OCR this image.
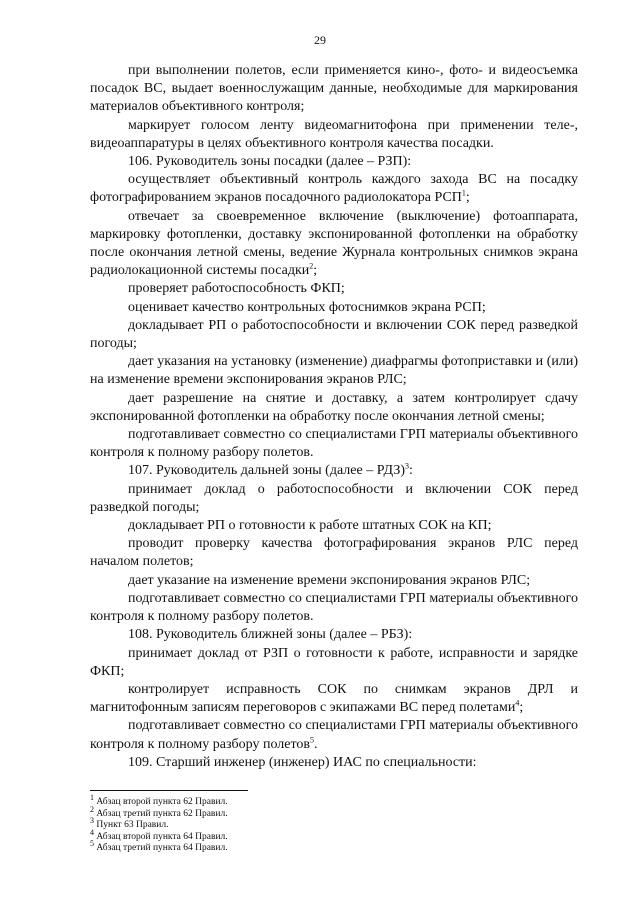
29

при выполнении полетов, если применяется кино-, фото- и видеосъемка посадок ВС, выдает военнослужащим данные, необходимые для маркирования материалов объективного контроля;

маркирует голосом ленту видеомагнитофона при применении теле-, видеоаппаратуры в целях объективного контроля качества посадки.

106. Руководитель зоны посадки (далее – РЗП):

осуществляет объективный контроль каждого захода ВС на посадку фотографированием экранов посадочного радиолокатора РСП$^1$;

отвечает за своевременное включение (выключение) фотоаппарата, маркировку фотопленки, доставку экспонированной фотопленки на обработку после окончания летной смены, ведение Журнала контрольных снимков экрана радиолокационной системы посадки$^2$;

проверяет работоспособность ФКП;

оценивает качество контрольных фотоснимков экрана РСП;

докладывает РП о работоспособности и включении СОК перед разведкой погоды;

дает указания на установку (изменение) диафрагмы фотоприставки и (или) на изменение времени экспонирования экранов РЛС;

дает разрешение на снятие и доставку, а затем контролирует сдачу экспонированной фотопленки на обработку после окончания летной смены;

подготавливает совместно со специалистами ГРП материалы объективного контроля к полному разбору полетов.

107. Руководитель дальней зоны (далее – РДЗ)$^3$:

принимает доклад о работоспособности и включении СОК перед разведкой погоды;

докладывает РП о готовности к работе штатных СОК на КП;

проводит проверку качества фотографирования экранов РЛС перед началом полетов;

дает указание на изменение времени экспонирования экранов РЛС;

подготавливает совместно со специалистами ГРП материалы объективного контроля к полному разбору полетов.

108. Руководитель ближней зоны (далее – РБЗ):

принимает доклад от РЗП о готовности к работе, исправности и зарядке ФКП;

контролирует исправность СОК по снимкам экранов ДРЛ и магнитофонным записям переговоров с экипажами ВС перед полетами$^4$;

подготавливает совместно со специалистами ГРП материалы объективного контроля к полному разбору полетов$^5$.

109. Старший инженер (инженер) ИАС по специальности:

$^1$ Абзац второй пункта 62 Правил.

$^2$ Абзац третий пункта 62 Правил.

$^3$ Пункт 63 Правил.

$^4$ Абзац второй пункта 64 Правил.

$^5$ Абзац третий пункта 64 Правил.
